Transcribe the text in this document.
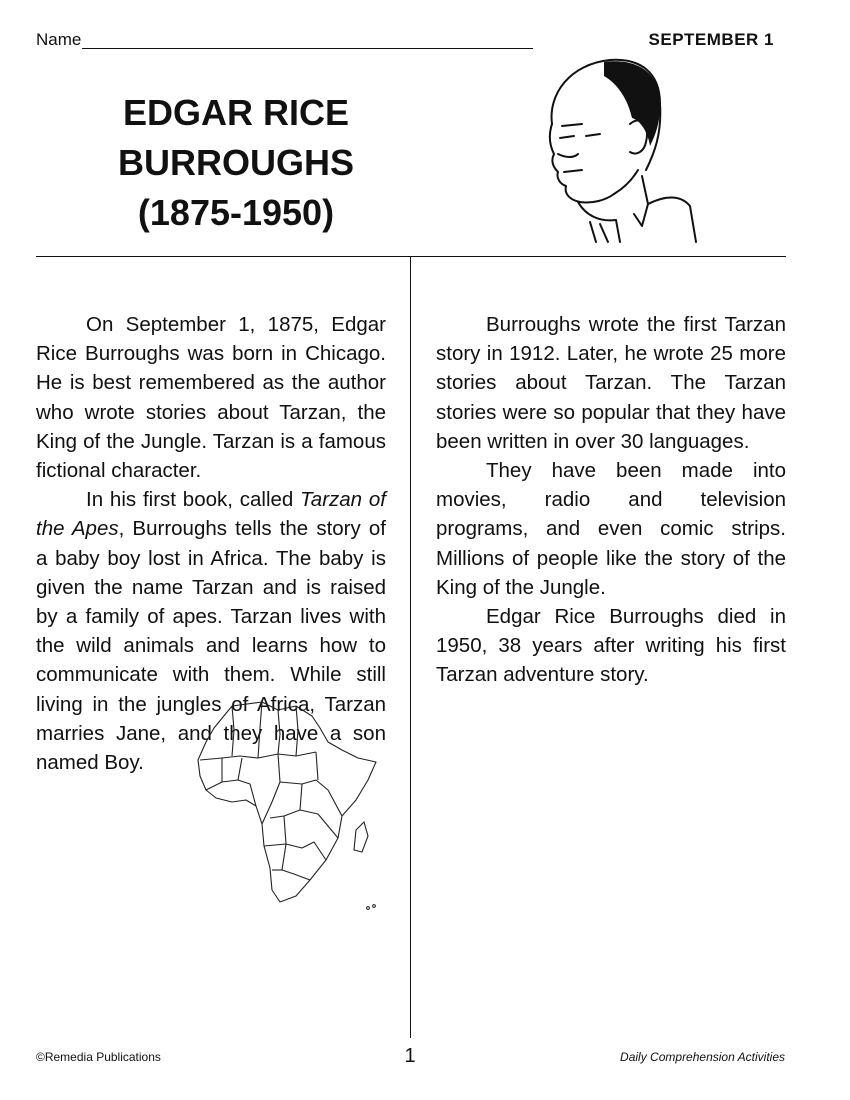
Name	SEPTEMBER 1
EDGAR RICE
BURROUGHS
(1875-1950)

On September 1, 1875, Edgar Rice Burroughs was born in Chicago. He is best remembered as the author who wrote stories about Tarzan, the King of the Jungle. Tarzan is a famous fictional character.

In his first book, called Tarzan of the Apes, Burroughs tells the story of a baby boy lost in Africa. The baby is given the name Tarzan and is raised by a family of apes. Tarzan lives with the wild animals and learns how to communicate with them. While still living in the jungles of Africa, Tarzan marries Jane, and they have a son named Boy.

Burroughs wrote the first Tarzan story in 1912. Later, he wrote 25 more stories about Tarzan. The Tarzan stories were so popular that they have been written in over 30 languages.

They have been made into movies, radio and television programs, and even comic strips. Millions of people like the story of the King of the Jungle.

Edgar Rice Burroughs died in 1950, 38 years after writing his first Tarzan adventure story.

©Remedia Publications	1	Daily Comprehension Activities
